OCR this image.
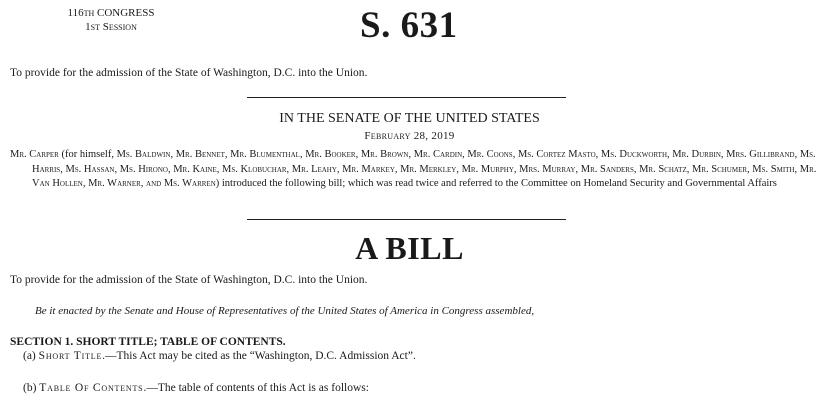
116th CONGRESS
1st Session	S. 631
To provide for the admission of the State of Washington, D.C. into the Union.
IN THE SENATE OF THE UNITED STATES
February 28, 2019
Mr. Carper (for himself, Ms. Baldwin, Mr. Bennet, Mr. Blumenthal, Mr. Booker, Mr. Brown, Mr. Cardin, Mr. Coons, Ms. Cortez Masto, Ms. Duckworth, Mr. Durbin, Mrs. Gillibrand, Ms. Harris, Ms. Hassan, Ms. Hirono, Mr. Kaine, Ms. Klobuchar, Mr. Leahy, Mr. Markey, Mr. Merkley, Mr. Murphy, Mrs. Murray, Mr. Sanders, Mr. Schatz, Mr. Schumer, Ms. Smith, Mr. Van Hollen, Mr. Warner, and Ms. Warren) introduced the following bill; which was read twice and referred to the Committee on Homeland Security and Governmental Affairs
A BILL
To provide for the admission of the State of Washington, D.C. into the Union.
Be it enacted by the Senate and House of Representatives of the United States of America in Congress assembled,
SECTION 1. SHORT TITLE; TABLE OF CONTENTS.
(a) Short Title.—This Act may be cited as the “Washington, D.C. Admission Act”.
(b) Table Of Contents.—The table of contents of this Act is as follows:
